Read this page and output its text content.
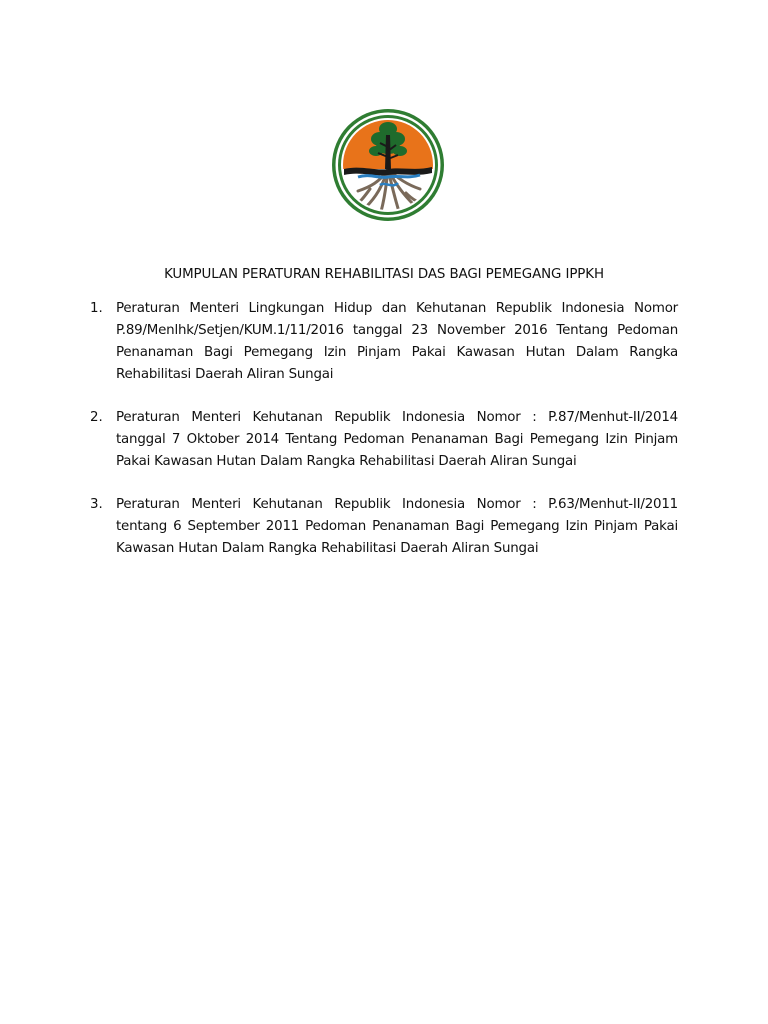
KUMPULAN PERATURAN REHABILITASI DAS BAGI PEMEGANG IPPKH
1. Peraturan Menteri Lingkungan Hidup dan Kehutanan Republik Indonesia Nomor P.89/Menlhk/Setjen/KUM.1/11/2016 tanggal 23 November 2016 Tentang Pedoman Penanaman Bagi Pemegang Izin Pinjam Pakai Kawasan Hutan Dalam Rangka Rehabilitasi Daerah Aliran Sungai
2. Peraturan Menteri Kehutanan Republik Indonesia Nomor : P.87/Menhut-II/2014 tanggal 7 Oktober 2014 Tentang Pedoman Penanaman Bagi Pemegang Izin Pinjam Pakai Kawasan Hutan Dalam Rangka Rehabilitasi Daerah Aliran Sungai
3. Peraturan Menteri Kehutanan Republik Indonesia Nomor : P.63/Menhut-II/2011 tentang 6 September 2011 Pedoman Penanaman Bagi Pemegang Izin Pinjam Pakai Kawasan Hutan Dalam Rangka Rehabilitasi Daerah Aliran Sungai
